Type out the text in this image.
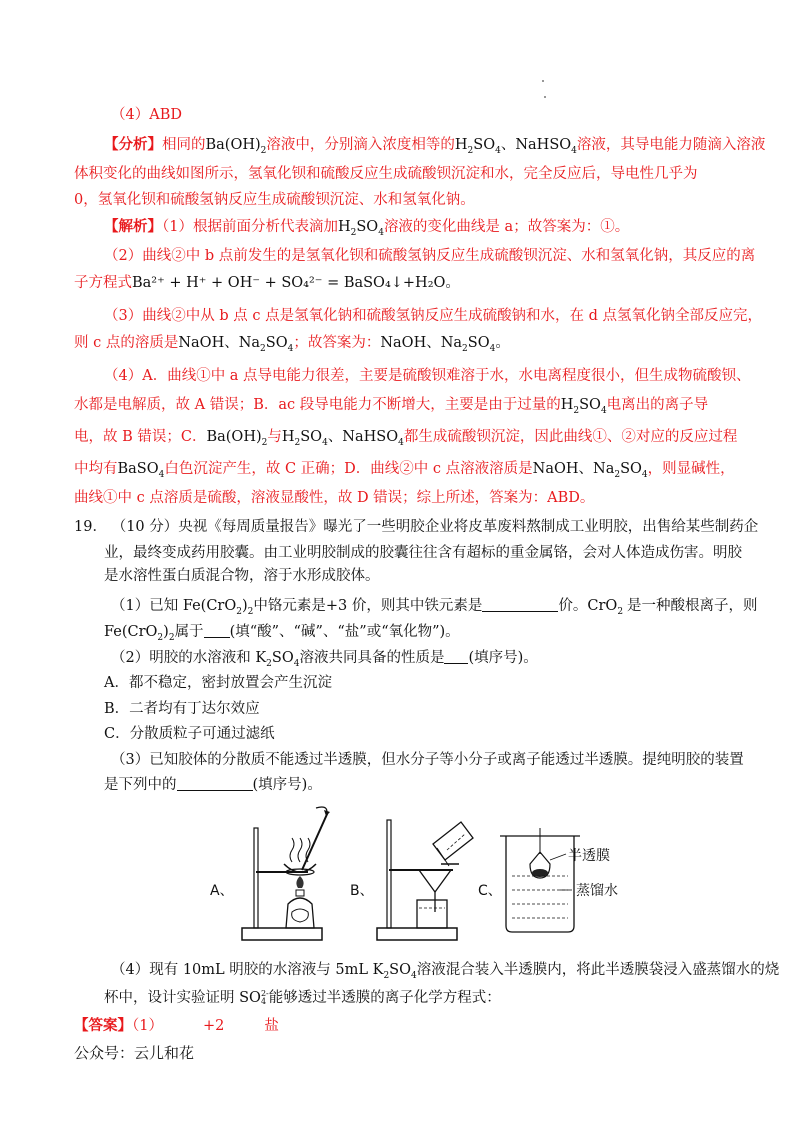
（4）ABD
【分析】相同的$Ba(OH)_2$溶液中，分别滴入浓度相等的$H_2SO_4$、NaHSO$_4$溶液，其导电能力随滴入溶液
体积变化的曲线如图所示，氢氧化钡和硫酸反应生成硫酸钡沉淀和水，完全反应后，导电性几乎为
0，氢氧化钡和硫酸氢钠反应生成硫酸钡沉淀、水和氢氧化钠。
【解析】（1）根据前面分析代表滴加$H_2SO_4$溶液的变化曲线是 a；故答案为：①。
（2）曲线②中 b 点前发生的是氢氧化钡和硫酸氢钠反应生成硫酸钡沉淀、水和氢氧化钠，其反应的离
子方程式Ba²⁺ + H⁺ + OH⁻ + SO₄²⁻ = BaSO₄↓+H₂O。
（3）曲线②中从 b 点 c 点是氢氧化钠和硫酸氢钠反应生成硫酸钠和水，在 d 点氢氧化钠全部反应完，
则 c 点的溶质是NaOH、$Na_2SO_4$；故答案为：NaOH、$Na_2SO_4$。
（4）A．曲线①中 a 点导电能力很差，主要是硫酸钡难溶于水，水电离程度很小，但生成物硫酸钡、
水都是电解质，故 A 错误；B．ac 段导电能力不断增大，主要是由于过量的$H_2SO_4$电离出的离子导
电，故 B 错误；C．$Ba(OH)_2$与$H_2SO_4$、NaHSO$_4$都生成硫酸钡沉淀，因此曲线①、②对应的反应过程
中均有BaSO$_4$白色沉淀产生，故 C 正确；D．曲线②中 c 点溶液溶质是NaOH、$Na_2SO_4$，则显碱性，
曲线①中 c 点溶质是硫酸，溶液显酸性，故 D 错误；综上所述，答案为：ABD。
19． （10 分）央视《每周质量报告》曝光了一些明胶企业将皮革废料熬制成工业明胶，出售给某些制药企
业，最终变成药用胶囊。由工业明胶制成的胶囊往往含有超标的重金属铬，会对人体造成伤害。明胶
是水溶性蛋白质混合物，溶于水形成胶体。
（1）已知 $Fe(CrO_2)_2$中铬元素是+3 价，则其中铁元素是	价。CrO$_2$ 是一种酸根离子，则
$Fe(CrO_2)_2$属于 (填“酸”、“碱”、“盐”或“氧化物”)。
（2）明胶的水溶液和 $K_2SO_4$溶液共同具备的性质是 (填序号)。
A．都不稳定，密封放置会产生沉淀
B．二者均有丁达尔效应
C．分散质粒子可通过滤纸
（3）已知胶体的分散质不能透过半透膜，但水分子等小分子或离子能透过半透膜。提纯明胶的装置
是下列中的	(填序号)。
A、	B、	C、
半透膜
蒸馏水
（4）现有 10mL 明胶的水溶液与 5mL $K_2SO_4$溶液混合装入半透膜内，将此半透膜袋浸入盛蒸馏水的烧
杯中，设计实验证明 SO 2-
4 能够透过半透膜的离子化学方程式：
【答案】（1）	+2	盐
公众号：云儿和花
